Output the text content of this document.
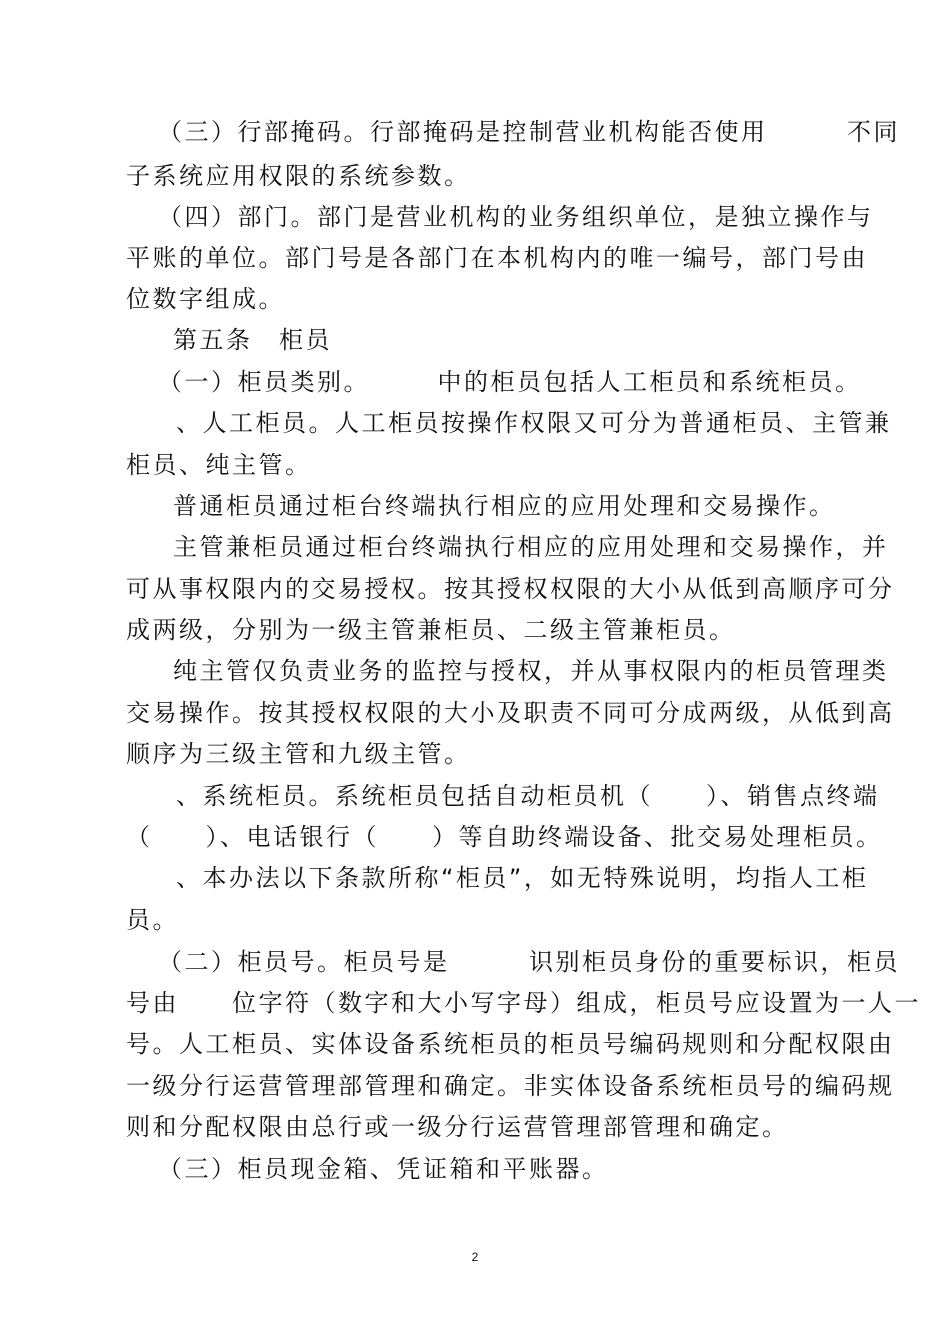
（三）行部掩码。行部掩码是控制营业机构能否使用　　　不同

子系统应用权限的系统参数。

（四）部门。部门是营业机构的业务组织单位，是独立操作与

平账的单位。部门号是各部门在本机构内的唯一编号，部门号由

位数字组成。

第五条　柜员

（一）柜员类别。　　　中的柜员包括人工柜员和系统柜员。

、人工柜员。人工柜员按操作权限又可分为普通柜员、主管兼

柜员、纯主管。

普通柜员通过柜台终端执行相应的应用处理和交易操作。

主管兼柜员通过柜台终端执行相应的应用处理和交易操作，并

可从事权限内的交易授权。按其授权权限的大小从低到高顺序可分

成两级，分别为一级主管兼柜员、二级主管兼柜员。

纯主管仅负责业务的监控与授权，并从事权限内的柜员管理类

交易操作。按其授权权限的大小及职责不同可分成两级，从低到高

顺序为三级主管和九级主管。

、系统柜员。系统柜员包括自动柜员机（　　）、销售点终端

（　　）、电话银行（　　）等自助终端设备、批交易处理柜员。

、本办法以下条款所称“柜员”，如无特殊说明，均指人工柜

员。

（二）柜员号。柜员号是　　　识别柜员身份的重要标识，柜员

号由　　位字符（数字和大小写字母）组成，柜员号应设置为一人一

号。人工柜员、实体设备系统柜员的柜员号编码规则和分配权限由

一级分行运营管理部管理和确定。非实体设备系统柜员号的编码规

则和分配权限由总行或一级分行运营管理部管理和确定。

（三）柜员现金箱、凭证箱和平账器。

2
